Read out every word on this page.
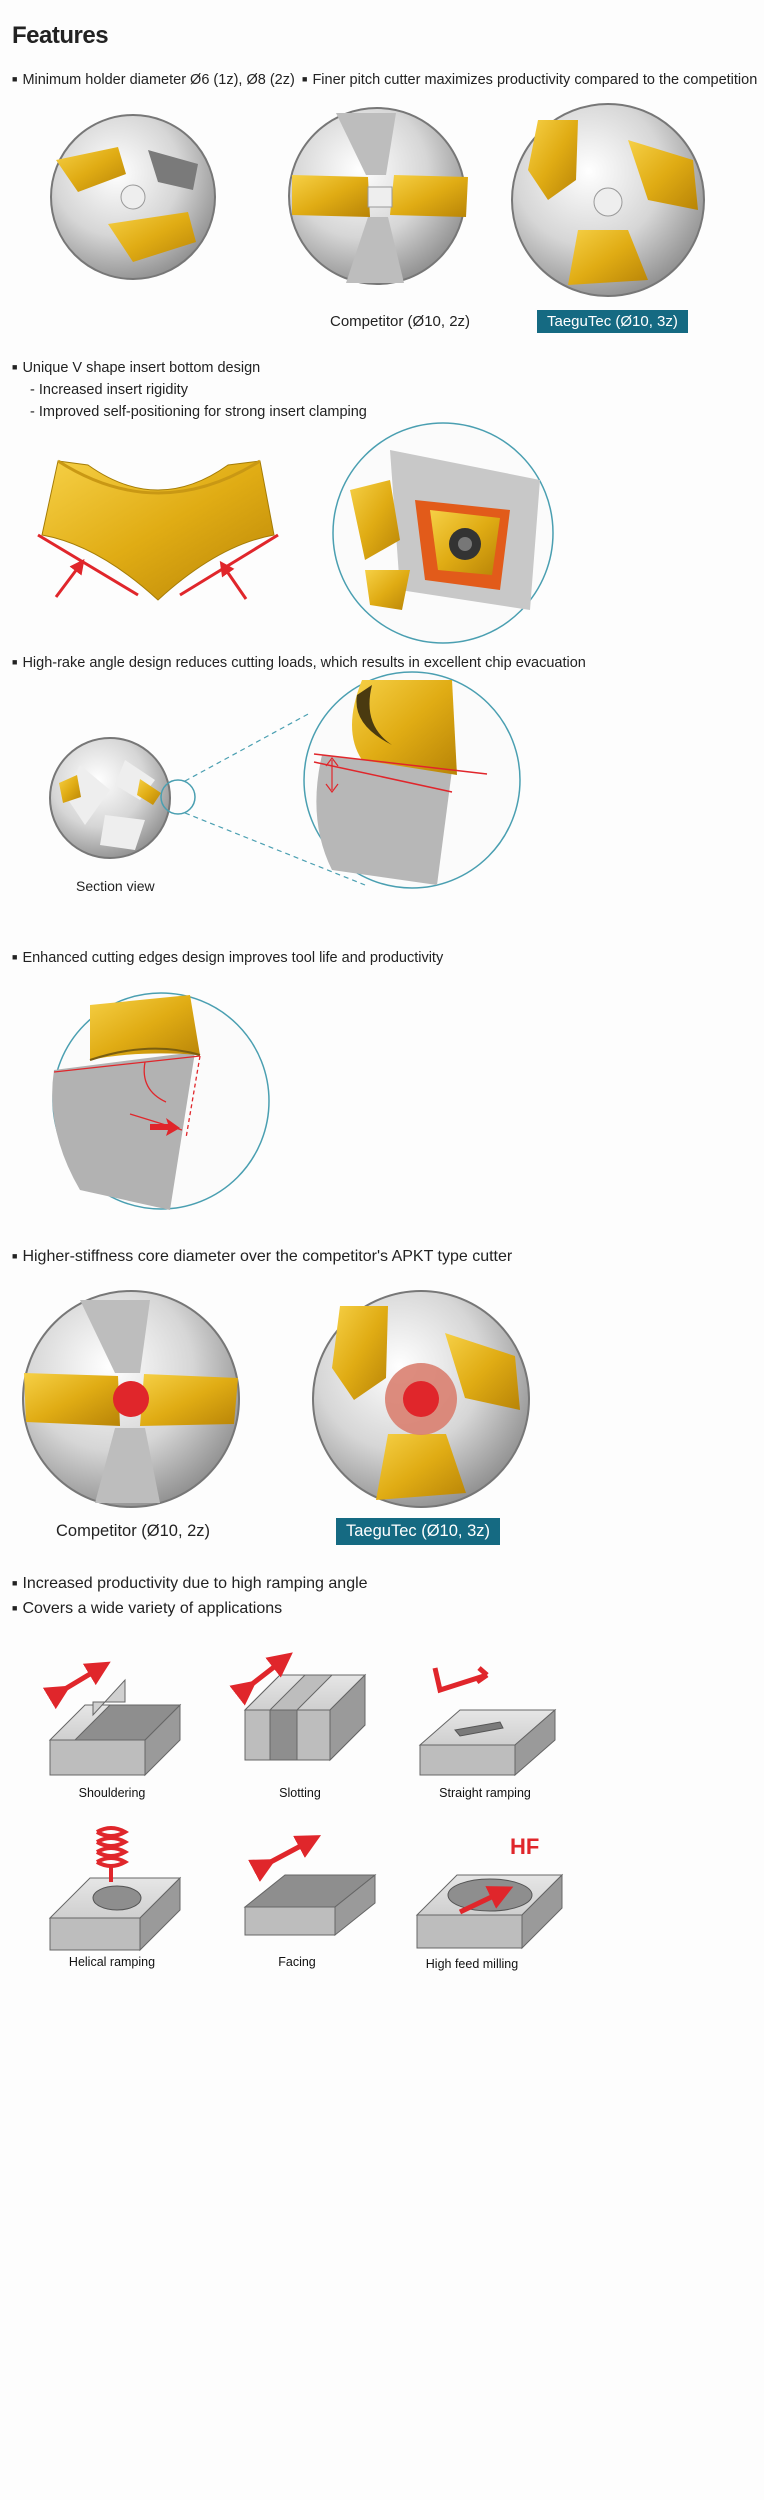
Features
■ Minimum holder diameter Ø6 (1z), Ø8 (2z)
■	Finer pitch cutter maximizes productivity compared to the competition
Competitor (Ø10, 2z)	TaeguTec (Ø10, 3z)
■ Unique V shape insert bottom design
- Increased insert rigidity
- Improved self-positioning for strong insert clamping
■ High-rake angle design reduces cutting loads, which results in excellent chip evacuation
Section view
■ Enhanced cutting edges design improves tool life and productivity
■ Higher-stiffness core diameter over the competitor's APKT type cutter
Competitor (Ø10, 2z)	TaeguTec (Ø10, 3z)
■ Increased productivity due to high ramping angle
■ Covers a wide variety of applications
Shouldering	Slotting	Straight ramping
Helical ramping	Facing
HF
High feed milling
